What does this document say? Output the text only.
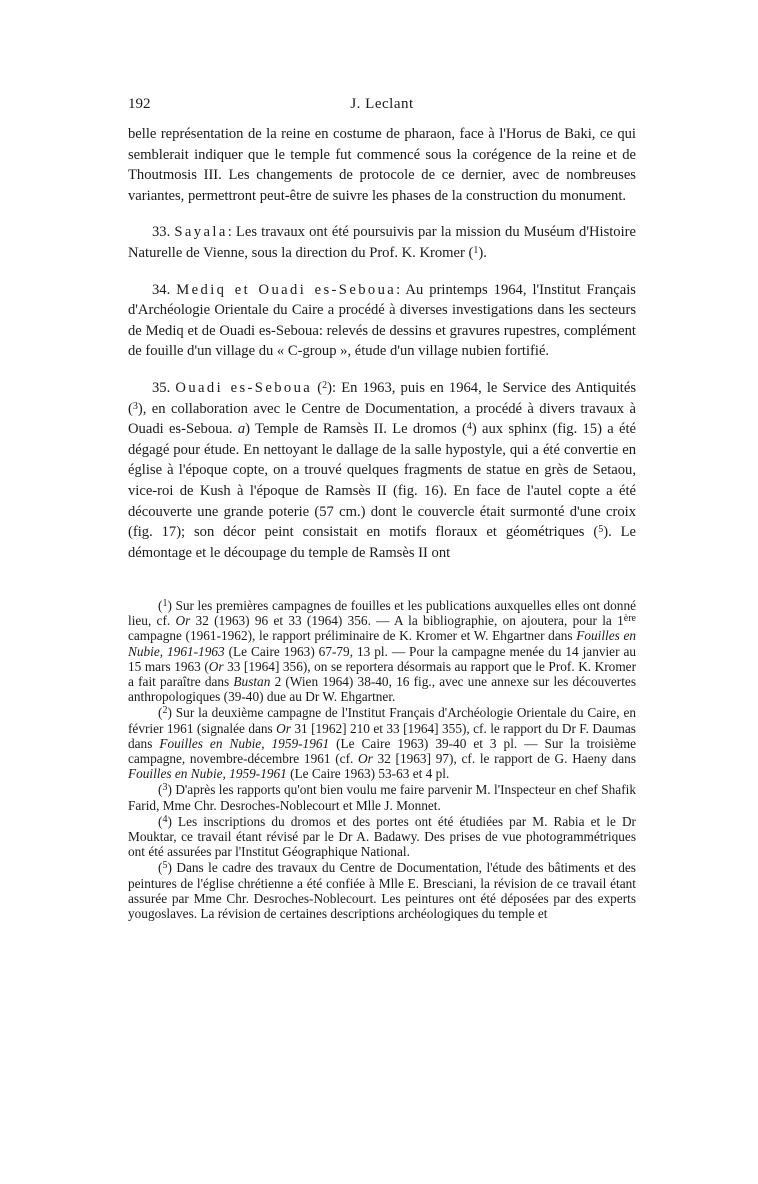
192	J. Leclant

belle représentation de la reine en costume de pharaon, face à l'Horus de Baki, ce qui semblerait indiquer que le temple fut commencé sous la corégence de la reine et de Thoutmosis III. Les changements de protocole de ce dernier, avec de nombreuses variantes, permettront peut-être de suivre les phases de la construction du monument.

33. Sayala: Les travaux ont été poursuivis par la mission du Muséum d'Histoire Naturelle de Vienne, sous la direction du Prof. K. Kromer ($^1$).

34. Mediq et Ouadi es-Seboua: Au printemps 1964, l'Institut Français d'Archéologie Orientale du Caire a procédé à diverses investigations dans les secteurs de Mediq et de Ouadi es-Seboua: relevés de dessins et gravures rupestres, complément de fouille d'un village du « C-group », étude d'un village nubien fortifié.

35. Ouadi es-Seboua ($^2$): En 1963, puis en 1964, le Service des Antiquités ($^3$), en collaboration avec le Centre de Documentation, a procédé à divers travaux à Ouadi es-Seboua. a) Temple de Ramsès II. Le dromos ($^4$) aux sphinx (fig. 15) a été dégagé pour étude. En nettoyant le dallage de la salle hypostyle, qui a été convertie en église à l'époque copte, on a trouvé quelques fragments de statue en grès de Setaou, vice-roi de Kush à l'époque de Ramsès II (fig. 16). En face de l'autel copte a été découverte une grande poterie (57 cm.) dont le couvercle était surmonté d'une croix (fig. 17); son décor peint consistait en motifs floraux et géométriques ($^5$). Le démontage et le découpage du temple de Ramsès II ont

($^1$) Sur les premières campagnes de fouilles et les publications auxquelles elles ont donné lieu, cf. Or 32 (1963) 96 et 33 (1964) 356. — A la bibliographie, on ajoutera, pour la 1ère campagne (1961-1962), le rapport préliminaire de K. Kromer et W. Ehgartner dans Fouilles en Nubie, 1961-1963 (Le Caire 1963) 67-79, 13 pl. — Pour la campagne menée du 14 janvier au 15 mars 1963 (Or 33 [1964] 356), on se reportera désormais au rapport que le Prof. K. Kromer a fait paraître dans Bustan 2 (Wien 1964) 38-40, 16 fig., avec une annexe sur les découvertes anthropologiques (39-40) due au Dr W. Ehgartner.

($^2$) Sur la deuxième campagne de l'Institut Français d'Archéologie Orientale du Caire, en février 1961 (signalée dans Or 31 [1962] 210 et 33 [1964] 355), cf. le rapport du Dr F. Daumas dans Fouilles en Nubie, 1959-1961 (Le Caire 1963) 39-40 et 3 pl. — Sur la troisième campagne, novembre-décembre 1961 (cf. Or 32 [1963] 97), cf. le rapport de G. Haeny dans Fouilles en Nubie, 1959-1961 (Le Caire 1963) 53-63 et 4 pl.

($^3$) D'après les rapports qu'ont bien voulu me faire parvenir M. l'Inspecteur en chef Shafik Farid, Mme Chr. Desroches-Noblecourt et Mlle J. Monnet.

($^4$) Les inscriptions du dromos et des portes ont été étudiées par M. Rabia et le Dr Mouktar, ce travail étant révisé par le Dr A. Badawy. Des prises de vue photogrammétriques ont été assurées par l'Institut Géographique National.

($^5$) Dans le cadre des travaux du Centre de Documentation, l'étude des bâtiments et des peintures de l'église chrétienne a été confiée à Mlle E. Bresciani, la révision de ce travail étant assurée par Mme Chr. Desroches-Noblecourt. Les peintures ont été déposées par des experts yougoslaves. La révision de certaines descriptions archéologiques du temple et
